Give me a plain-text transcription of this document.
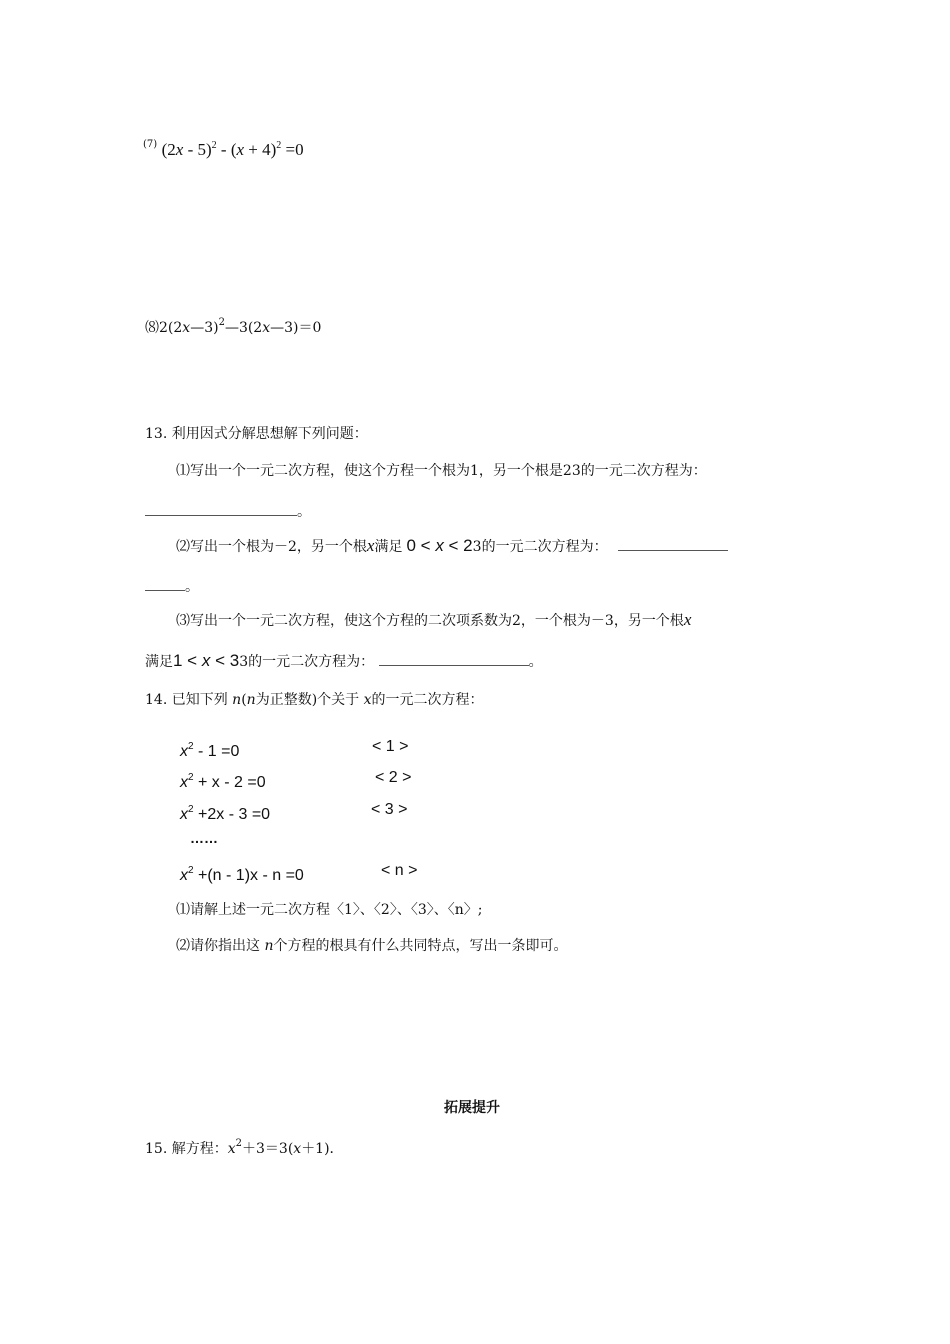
$^{(7)}$ $(2x - 5)^2 - (x + 4)^2 =0$
⑻2(2x—3)$^2$—3(2x—3)＝0
13. 利用因式分解思想解下列问题：
⑴写出一个一元二次方程，使这个方程一个根为1，另一个根是23的一元二次方程为：
。
⑵写出一个根为－2，另一个根x满足 0 < x < 23的一元二次方程为：
。
⑶写出一个一元二次方程，使这个方程的二次项系数为2，一个根为－3，另一个根x
满足1 < x < 33的一元二次方程为：	。
14. 已知下列 n(n为正整数)个关于 x的一元二次方程：
$x^2 - 1 =0$	< 1 >
$x^2 + x - 2 =0$	< 2 >
$x^2 +2x - 3 =0$	< 3 >
……
$x^2 +(n - 1)x - n =0$	< n >
⑴请解上述一元二次方程〈1〉、〈2〉、〈3〉、〈n〉;
⑵请你指出这 n个方程的根具有什么共同特点，写出一条即可。
拓展提升
15. 解方程：$x^2+3=3(x+1)$．
